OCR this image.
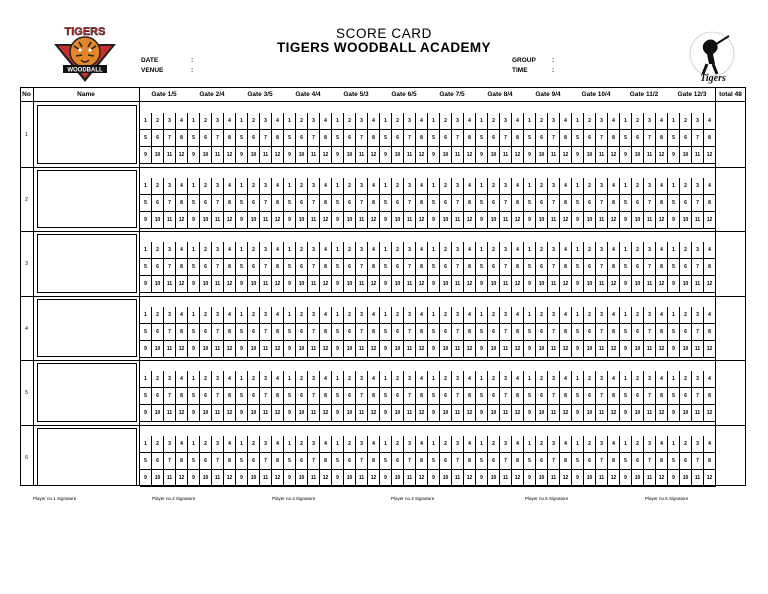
SCORE CARD
TIGERS WOODBALL ACADEMY
TIGERS
WOODBALL
Tigers
DATE	:
VENUE	:
GROUP :
TIME	:
No	Name	Gate 1/5	Gate 2/4	Gate 3/5	Gate 4/4	Gate 5/3	Gate 6/5	Gate 7/5	Gate 8/4	Gate 9/4	Gate 10/4	Gate 11/2	Gate 12/3	total 48
1
1	2	3	4
5	6	7	8
9	10	11	12
1	2	3	4
5	6	7	8
9	10	11	12
1	2	3	4
5	6	7	8
9	10	11	12
1	2	3	4
5	6	7	8
9	10	11	12
1	2	3	4
5	6	7	8
9	10	11	12
1	2	3	4
5	6	7	8
9	10	11	12
1	2	3	4
5	6	7	8
9	10	11	12
1	2	3	4
5	6	7	8
9	10	11	12
1	2	3	4
5	6	7	8
9	10	11	12
1	2	3	4
5	6	7	8
9	10	11	12
1	2	3	4
5	6	7	8
9	10	11	12
1	2	3	4
5	6	7	8
9	10	11	12
2
1	2	3	4
5	6	7	8
9	10	11	12
1	2	3	4
5	6	7	8
9	10	11	12
1	2	3	4
5	6	7	8
9	10	11	12
1	2	3	4
5	6	7	8
9	10	11	12
1	2	3	4
5	6	7	8
9	10	11	12
1	2	3	4
5	6	7	8
9	10	11	12
1	2	3	4
5	6	7	8
9	10	11	12
1	2	3	4
5	6	7	8
9	10	11	12
1	2	3	4
5	6	7	8
9	10	11	12
1	2	3	4
5	6	7	8
9	10	11	12
1	2	3	4
5	6	7	8
9	10	11	12
1	2	3	4
5	6	7	8
9	10	11	12
3
1	2	3	4
5	6	7	8
9	10	11	12
1	2	3	4
5	6	7	8
9	10	11	12
1	2	3	4
5	6	7	8
9	10	11	12
1	2	3	4
5	6	7	8
9	10	11	12
1	2	3	4
5	6	7	8
9	10	11	12
1	2	3	4
5	6	7	8
9	10	11	12
1	2	3	4
5	6	7	8
9	10	11	12
1	2	3	4
5	6	7	8
9	10	11	12
1	2	3	4
5	6	7	8
9	10	11	12
1	2	3	4
5	6	7	8
9	10	11	12
1	2	3	4
5	6	7	8
9	10	11	12
1	2	3	4
5	6	7	8
9	10	11	12
4
1	2	3	4
5	6	7	8
9	10	11	12
1	2	3	4
5	6	7	8
9	10	11	12
1	2	3	4
5	6	7	8
9	10	11	12
1	2	3	4
5	6	7	8
9	10	11	12
1	2	3	4
5	6	7	8
9	10	11	12
1	2	3	4
5	6	7	8
9	10	11	12
1	2	3	4
5	6	7	8
9	10	11	12
1	2	3	4
5	6	7	8
9	10	11	12
1	2	3	4
5	6	7	8
9	10	11	12
1	2	3	4
5	6	7	8
9	10	11	12
1	2	3	4
5	6	7	8
9	10	11	12
1	2	3	4
5	6	7	8
9	10	11	12
5
1	2	3	4
5	6	7	8
9	10	11	12
1	2	3	4
5	6	7	8
9	10	11	12
1	2	3	4
5	6	7	8
9	10	11	12
1	2	3	4
5	6	7	8
9	10	11	12
1	2	3	4
5	6	7	8
9	10	11	12
1	2	3	4
5	6	7	8
9	10	11	12
1	2	3	4
5	6	7	8
9	10	11	12
1	2	3	4
5	6	7	8
9	10	11	12
1	2	3	4
5	6	7	8
9	10	11	12
1	2	3	4
5	6	7	8
9	10	11	12
1	2	3	4
5	6	7	8
9	10	11	12
1	2	3	4
5	6	7	8
9	10	11	12
6
1	2	3	4
5	6	7	8
9	10	11	12
1	2	3	4
5	6	7	8
9	10	11	12
1	2	3	4
5	6	7	8
9	10	11	12
1	2	3	4
5	6	7	8
9	10	11	12
1	2	3	4
5	6	7	8
9	10	11	12
1	2	3	4
5	6	7	8
9	10	11	12
1	2	3	4
5	6	7	8
9	10	11	12
1	2	3	4
5	6	7	8
9	10	11	12
1	2	3	4
5	6	7	8
9	10	11	12
1	2	3	4
5	6	7	8
9	10	11	12
1	2	3	4
5	6	7	8
9	10	11	12
1	2	3	4
5	6	7	8
9	10	11	12
Player no.1 Signature	Player no.2 Signature	Player no.3 Signature	Player no.4 Signature	Player no.5 Signature	Player no.6 Signature
